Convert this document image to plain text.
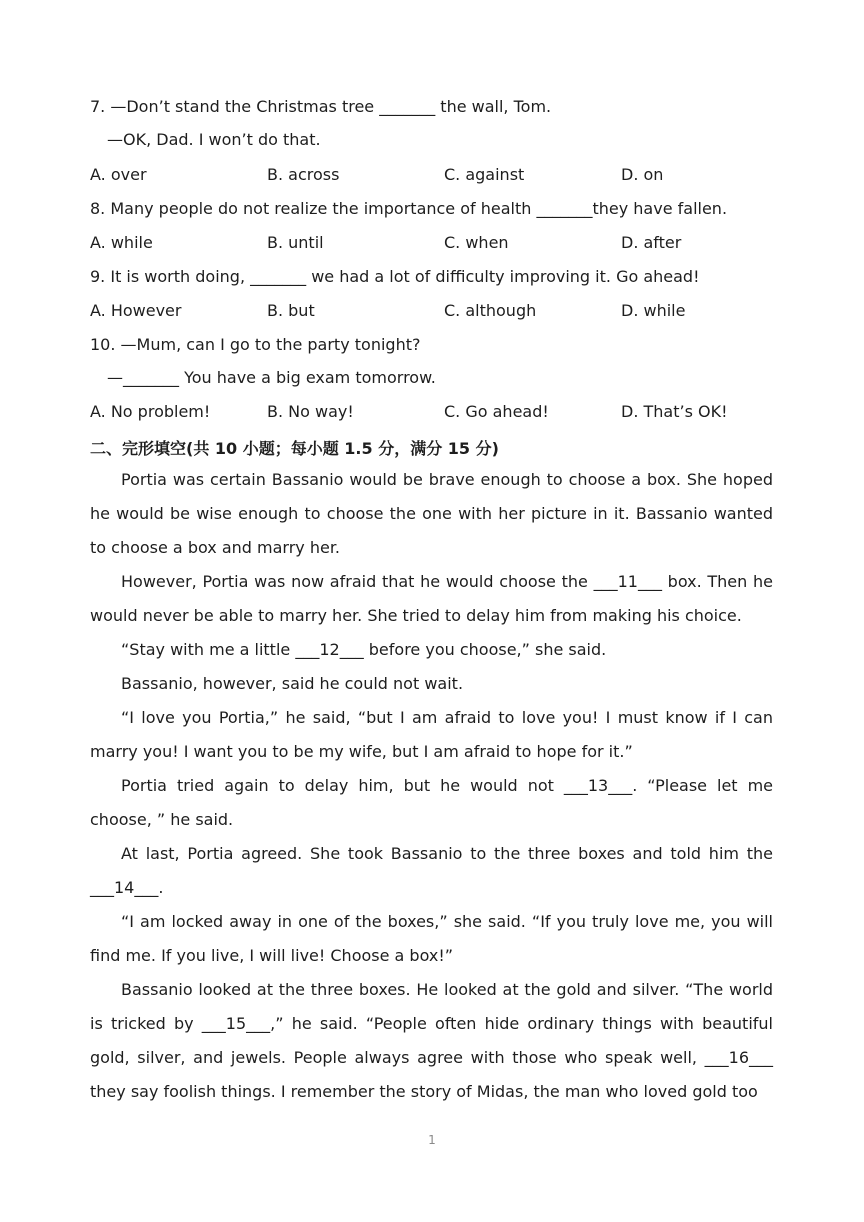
7. —Don’t stand the Christmas tree _______ the wall, Tom.
—OK, Dad. I won’t do that.
A. over	B. across	C. against	D. on
8. Many people do not realize the importance of health _______they have fallen.
A. while	B. until	C. when	D. after
9. It is worth doing, _______ we had a lot of difficulty improving it. Go ahead!
A. However	B. but	C. although	D. while
10. —Mum, can I go to the party tonight?
—_______ You have a big exam tomorrow.
A. No problem!	B. No way!	C. Go ahead!	D. That’s OK!
二、完形填空(共 10 小题；每小题 1.5 分，满分 15 分)
Portia was certain Bassanio would be brave enough to choose a box. She hoped he would be wise enough to choose the one with her picture in it. Bassanio wanted to choose a box and marry her.
However, Portia was now afraid that he would choose the ___11___ box. Then he would never be able to marry her. She tried to delay him from making his choice.
“Stay with me a little ___12___ before you choose,” she said.
Bassanio, however, said he could not wait.
“I love you Portia,” he said, “but I am afraid to love you! I must know if I can marry you! I want you to be my wife, but I am afraid to hope for it.”
Portia tried again to delay him, but he would not ___13___. “Please let me choose, ” he said.
At last, Portia agreed. She took Bassanio to the three boxes and told him the ___14___.
“I am locked away in one of the boxes,” she said. “If you truly love me, you will find me. If you live, I will live! Choose a box!”
Bassanio looked at the three boxes. He looked at the gold and silver. “The world is tricked by ___15___,” he said. “People often hide ordinary things with beautiful gold, silver, and jewels. People always agree with those who speak well, ___16___ they say foolish things. I remember the story of Midas, the man who loved gold too
1
